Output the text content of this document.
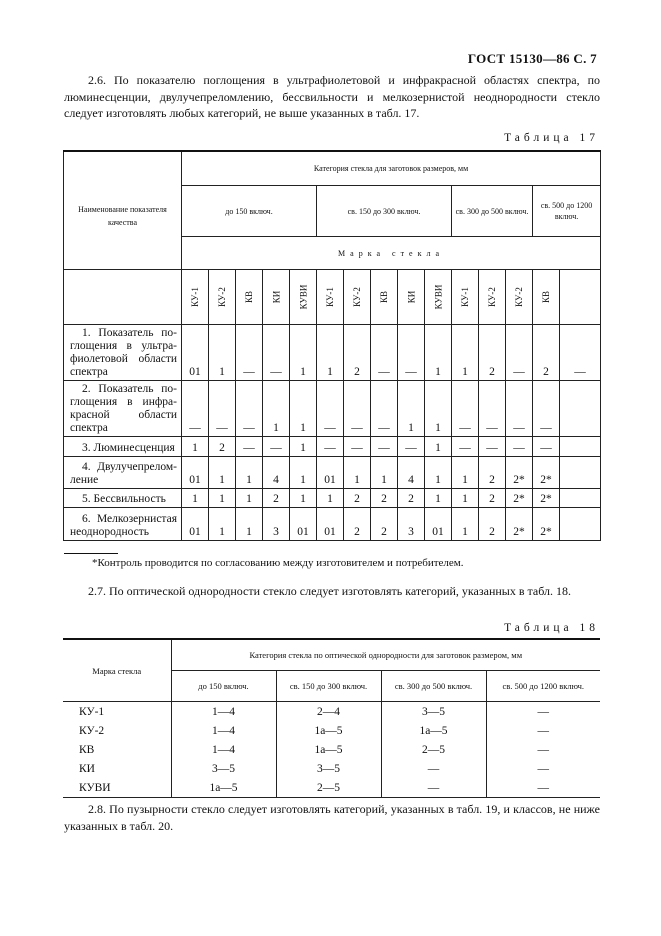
ГОСТ 15130—86 С. 7

2.6. По показателю поглощения в ультрафиолетовой и инфракрасной областях спектра, по люминесценции, двулучепреломлению, бессвильности и мелкозернистой неоднородности стекло следует изготовлять любых категорий, не выше указанных в табл. 17.

Таблица 17
Наименование показателя качества	Категория стекла для заготовок размеров, мм														
	до 150 включ.					св. 150 до 300 включ.					св. 300 до 500 включ.			св. 500 до 1200 включ.	
	Марка стекла														
	КУ-1	КУ-2	КВ	КИ	КУВИ	КУ-1	КУ-2	КВ	КИ	КУВИ	КУ-1	КУ-2	КУ-2	КВ	
1. Показатель по- глощения в ультра- фиолетовой области спектра	01	1	—	—	1	1	2	—	—	1	1	2	—	2	—
2. Показатель по- глощения в инфра- красной области спектра	—	—	—	1	1	—	—	—	1	1	—	—	—	—	
3. Люминесценция	1	2	—	—	1	—	—	—	—	1	—	—	—	—	
4. Двулучепрелом- ление	01	1	1	4	1	01	1	1	4	1	1	2	2*	2*	
5. Бессвильность	1	1	1	2	1	1	2	2	2	1	1	2	2*	2*	
6. Мелкозернистая неоднородность	01	1	1	3	01	01	2	2	3	01	1	2	2*	2*	
*Контроль проводится по согласованию между изготовителем и потребителем.

2.7. По оптической однородности стекло следует изготовлять категорий, указанных в табл. 18.

Таблица 18
Марка стекла	Категория стекла по оптической однородности для заготовок размером, мм			
	до 150 включ.	св. 150 до 300 включ.	св. 300 до 500 включ.	св. 500 до 1200 включ.
КУ-1	1—4	2—4	3—5	—
КУ-2	1—4	1а—5	1а—5	—
КВ	1—4	1а—5	2—5	—
КИ	3—5	3—5	—	—
КУВИ	1а—5	2—5	—	—

2.8. По пузырности стекло следует изготовлять категорий, указанных в табл. 19, и классов, не ниже указанных в табл. 20.
